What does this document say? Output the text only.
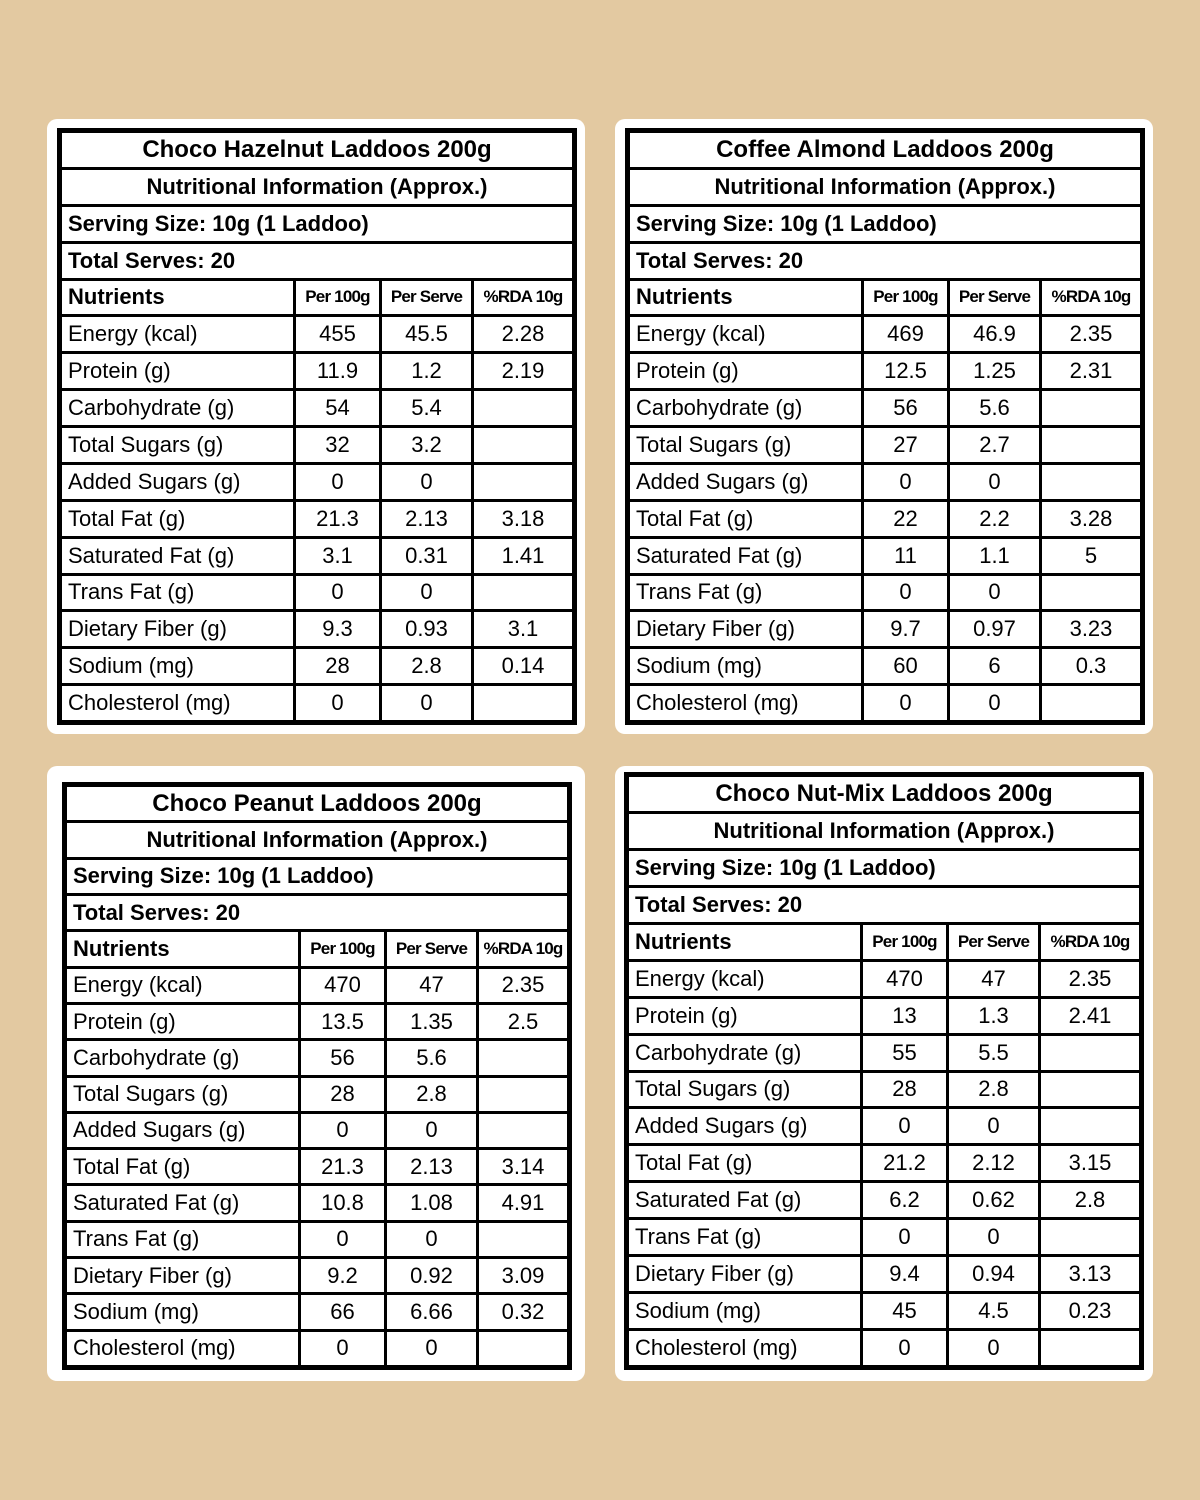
Choco Hazelnut Laddoos 200g
Nutritional Information (Approx.)
Serving Size: 10g (1 Laddoo)
Total Serves: 20
Nutrients	Per 100g	Per Serve	%RDA 10g
Energy (kcal)	455	45.5	2.28
Protein (g)	11.9	1.2	2.19
Carbohydrate (g)	54	5.4
Total Sugars (g)	32	3.2
Added Sugars (g)	0	0
Total Fat (g)	21.3	2.13	3.18
Saturated Fat (g)	3.1	0.31	1.41
Trans Fat (g)	0	0
Dietary Fiber (g)	9.3	0.93	3.1
Sodium (mg)	28	2.8	0.14
Cholesterol (mg)	0	0
Coffee Almond Laddoos 200g
Nutritional Information (Approx.)
Serving Size: 10g (1 Laddoo)
Total Serves: 20
Nutrients	Per 100g	Per Serve	%RDA 10g
Energy (kcal)	469	46.9	2.35
Protein (g)	12.5	1.25	2.31
Carbohydrate (g)	56	5.6
Total Sugars (g)	27	2.7
Added Sugars (g)	0	0
Total Fat (g)	22	2.2	3.28
Saturated Fat (g)	11	1.1	5
Trans Fat (g)	0	0
Dietary Fiber (g)	9.7	0.97	3.23
Sodium (mg)	60	6	0.3
Cholesterol (mg)	0	0
Choco Peanut Laddoos 200g
Nutritional Information (Approx.)
Serving Size: 10g (1 Laddoo)
Total Serves: 20
Nutrients	Per 100g	Per Serve %RDA 10g
Energy (kcal)	470	47	2.35
Protein (g)	13.5	1.35	2.5
Carbohydrate (g)	56	5.6
Total Sugars (g)	28	2.8
Added Sugars (g)	0	0
Total Fat (g)	21.3	2.13	3.14
Saturated Fat (g)	10.8	1.08	4.91
Trans Fat (g)	0	0
Dietary Fiber (g)	9.2	0.92	3.09
Sodium (mg)	66	6.66	0.32
Cholesterol (mg)	0	0
Choco Nut-Mix Laddoos 200g
Nutritional Information (Approx.)
Serving Size: 10g (1 Laddoo)
Total Serves: 20
Nutrients	Per 100g	Per Serve	%RDA 10g
Energy (kcal)	470	47	2.35
Protein (g)	13	1.3	2.41
Carbohydrate (g)	55	5.5
Total Sugars (g)	28	2.8
Added Sugars (g)	0	0
Total Fat (g)	21.2	2.12	3.15
Saturated Fat (g)	6.2	0.62	2.8
Trans Fat (g)	0	0
Dietary Fiber (g)	9.4	0.94	3.13
Sodium (mg)	45	4.5	0.23
Cholesterol (mg)	0	0
